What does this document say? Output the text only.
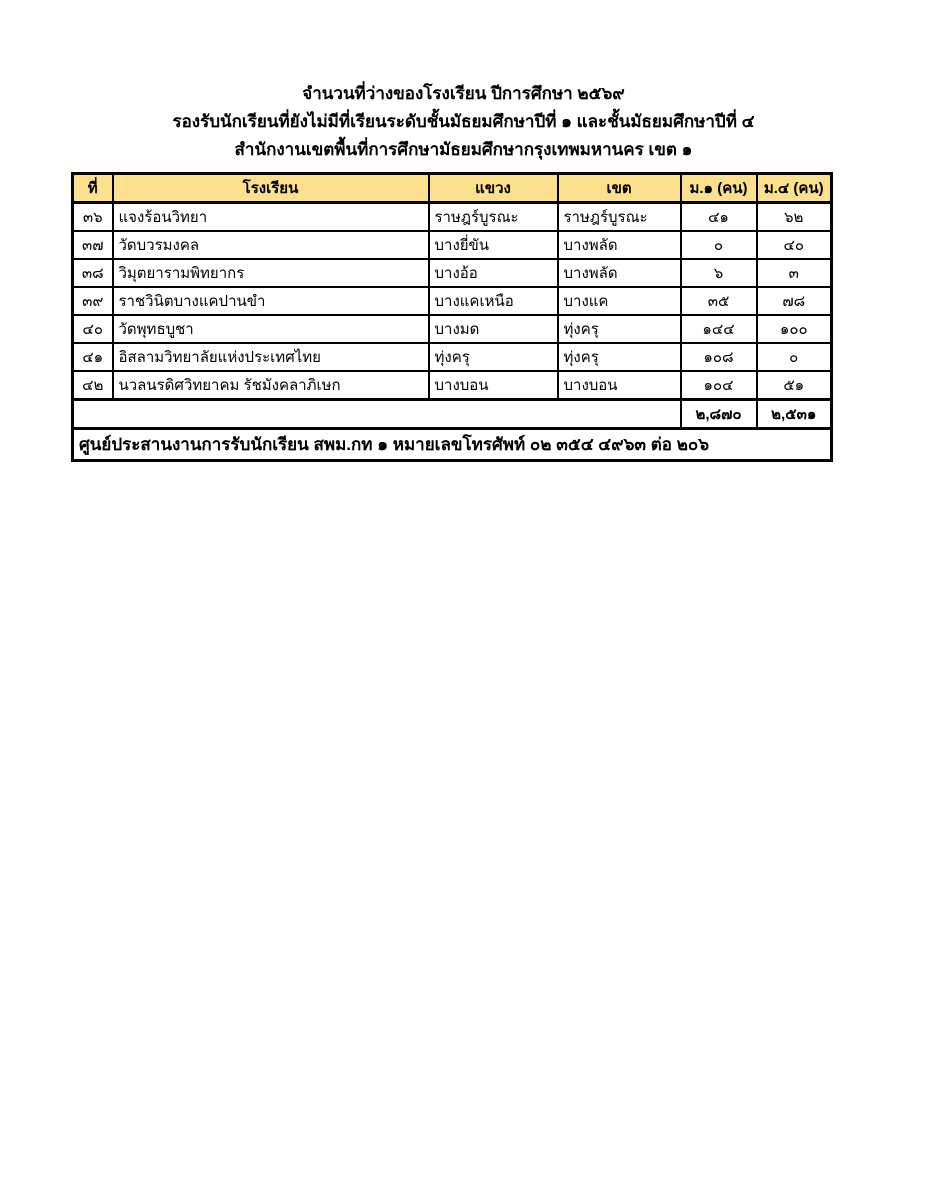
จำนวนที่ว่างของโรงเรียน ปีการศึกษา ๒๕๖๙
รองรับนักเรียนที่ยังไม่มีที่เรียนระดับชั้นมัธยมศึกษาปีที่ ๑ และชั้นมัธยมศึกษาปีที่ ๔
สำนักงานเขตพื้นที่การศึกษามัธยมศึกษากรุงเทพมหานคร เขต ๑
ที่	โรงเรียน	แขวง	เขต	ม.๑ (คน)	ม.๔ (คน)
๓๖	แจงร้อนวิทยา	ราษฎร์บูรณะ	ราษฎร์บูรณะ	๔๑	๖๒
๓๗	วัดบวรมงคล	บางยี่ขัน	บางพลัด	๐	๔๐
๓๘	วิมุตยารามพิทยากร	บางอ้อ	บางพลัด	๖	๓
๓๙	ราชวินิตบางแคปานขำ	บางแคเหนือ	บางแค	๓๕	๗๘
๔๐	วัดพุทธบูชา	บางมด	ทุ่งครุ	๑๔๔	๑๐๐
๔๑	อิสลามวิทยาลัยแห่งประเทศไทย	ทุ่งครุ	ทุ่งครุ	๑๐๘	๐
๔๒	นวลนรดิศวิทยาคม รัชมังคลาภิเษก	บางบอน	บางบอน	๑๐๔	๕๑
				๒,๘๗๐	๒,๕๓๑
ศูนย์ประสานงานการรับนักเรียน สพม.กท ๑ หมายเลขโทรศัพท์ ๐๒ ๓๕๔ ๔๙๖๓ ต่อ ๒๐๖					
